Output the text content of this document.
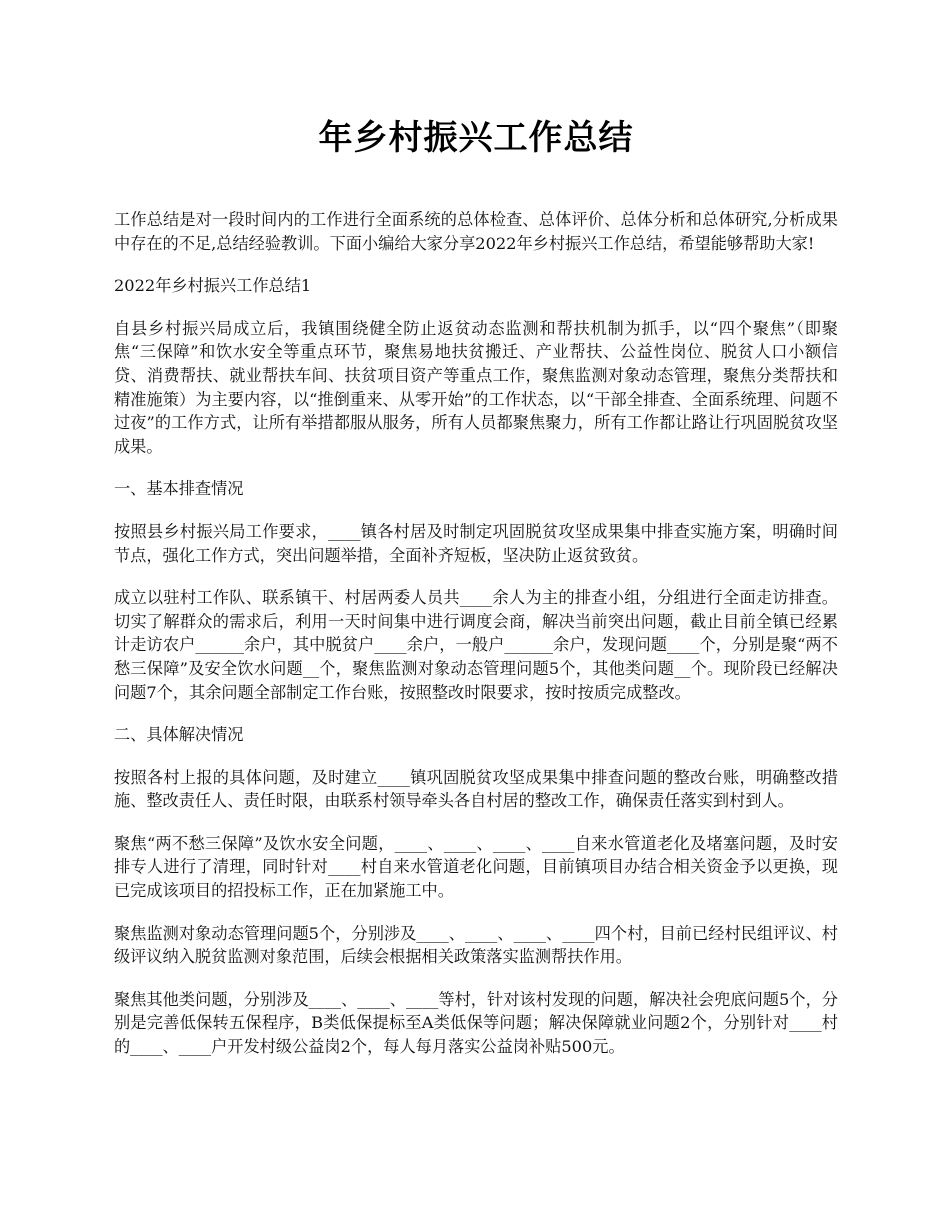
年乡村振兴工作总结

工作总结是对一段时间内的工作进行全面系统的总体检查、总体评价、总体分析和总体研究,分析成果中存在的不足,总结经验教训。下面小编给大家分享2022年乡村振兴工作总结，希望能够帮助大家!

2022年乡村振兴工作总结1

自县乡村振兴局成立后，我镇围绕健全防止返贫动态监测和帮扶机制为抓手，以“四个聚焦”（即聚焦“三保障”和饮水安全等重点环节，聚焦易地扶贫搬迁、产业帮扶、公益性岗位、脱贫人口小额信贷、消费帮扶、就业帮扶车间、扶贫项目资产等重点工作，聚焦监测对象动态管理，聚焦分类帮扶和精准施策）为主要内容，以“推倒重来、从零开始”的工作状态，以“干部全排查、全面系统理、问题不过夜”的工作方式，让所有举措都服从服务，所有人员都聚焦聚力，所有工作都让路让行巩固脱贫攻坚成果。

一、基本排查情况

按照县乡村振兴局工作要求，____镇各村居及时制定巩固脱贫攻坚成果集中排查实施方案，明确时间节点，强化工作方式，突出问题举措，全面补齐短板，坚决防止返贫致贫。

成立以驻村工作队、联系镇干、村居两委人员共____余人为主的排查小组，分组进行全面走访排查。切实了解群众的需求后，利用一天时间集中进行调度会商，解决当前突出问题，截止目前全镇已经累计走访农户______余户，其中脱贫户____余户，一般户______余户，发现问题____个，分别是聚“两不愁三保障”及安全饮水问题__个，聚焦监测对象动态管理问题5个，其他类问题__个。现阶段已经解决问题7个，其余问题全部制定工作台账，按照整改时限要求，按时按质完成整改。

二、具体解决情况

按照各村上报的具体问题，及时建立____镇巩固脱贫攻坚成果集中排查问题的整改台账，明确整改措施、整改责任人、责任时限，由联系村领导牵头各自村居的整改工作，确保责任落实到村到人。

聚焦“两不愁三保障”及饮水安全问题，____、____、____、____自来水管道老化及堵塞问题，及时安排专人进行了清理，同时针对____村自来水管道老化问题，目前镇项目办结合相关资金予以更换，现已完成该项目的招投标工作，正在加紧施工中。

聚焦监测对象动态管理问题5个，分别涉及____、____、____、____四个村，目前已经村民组评议、村级评议纳入脱贫监测对象范围，后续会根据相关政策落实监测帮扶作用。

聚焦其他类问题，分别涉及____、____、____等村，针对该村发现的问题，解决社会兜底问题5个，分别是完善低保转五保程序，B类低保提标至A类低保等问题；解决保障就业问题2个，分别针对____村的____、____户开发村级公益岗2个，每人每月落实公益岗补贴500元。
